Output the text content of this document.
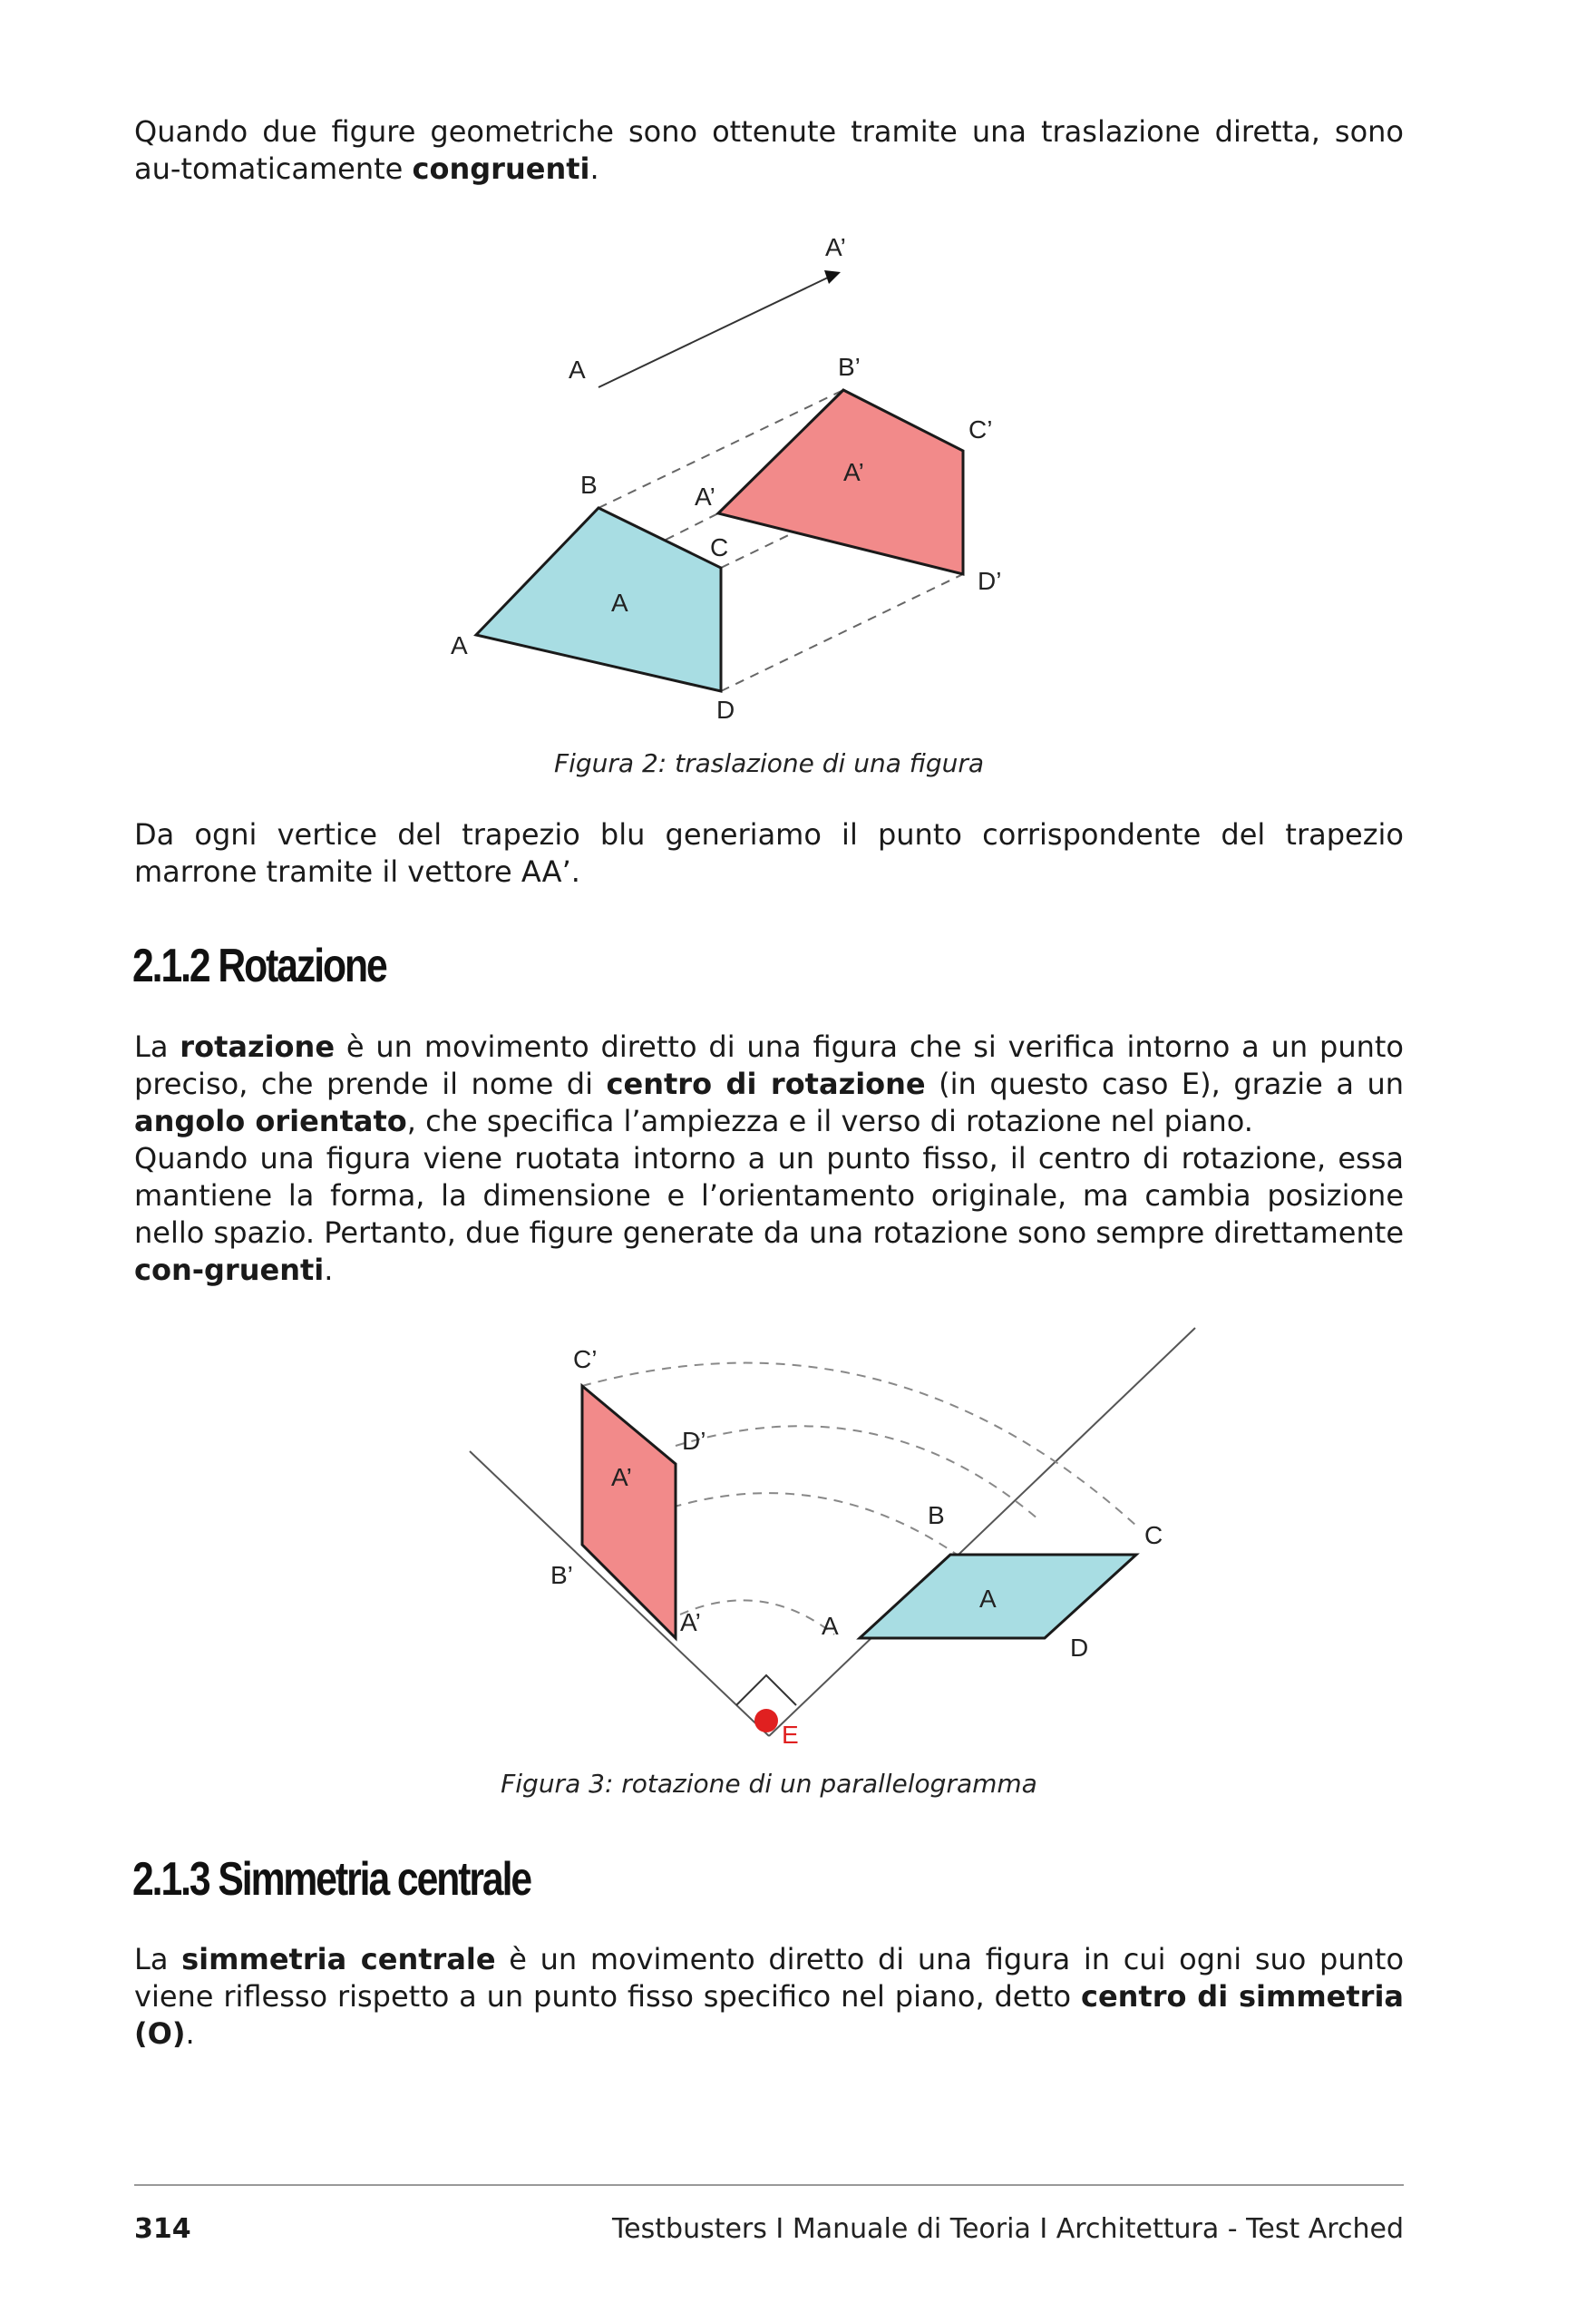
Quando due figure geometriche sono ottenute tramite una traslazione diretta, sono au-tomaticamente congruenti.

A
A’
A
B
C
D
A
A’
B’
C’
D’
A’

Figura 2: traslazione di una figura

Da ogni vertice del trapezio blu generiamo il punto corrispondente del trapezio marrone tramite il vettore AA’.

2.1.2 Rotazione

La rotazione è un movimento diretto di una figura che si verifica intorno a un punto preciso, che prende il nome di centro di rotazione (in questo caso E), grazie a un angolo orientato, che specifica l’ampiezza e il verso di rotazione nel piano.
Quando una figura viene ruotata intorno a un punto fisso, il centro di rotazione, essa mantiene la forma, la dimensione e l’orientamento originale, ma cambia posizione nello spazio. Pertanto, due figure generate da una rotazione sono sempre direttamente con-gruenti.

C’
D’
A’
B’
A’
B
C
A
A
D
E

Figura 3: rotazione di un parallelogramma

2.1.3 Simmetria centrale

La simmetria centrale è un movimento diretto di una figura in cui ogni suo punto viene riflesso rispetto a un punto fisso specifico nel piano, detto centro di simmetria (O).

314	Testbusters I Manuale di Teoria I Architettura - Test Arched
